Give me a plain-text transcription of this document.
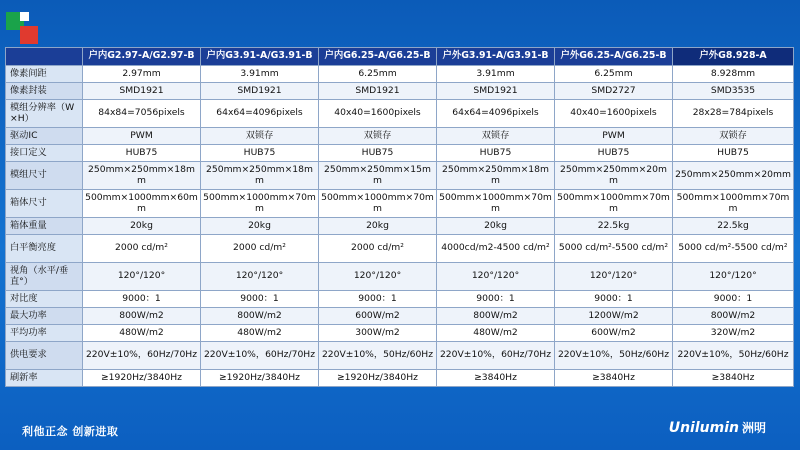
	户内G2.97-A/G2.97-B	户内G3.91-A/G3.91-B	户内G6.25-A/G6.25-B	户外G3.91-A/G3.91-B	户外G6.25-A/G6.25-B	户外G8.928-A
像素间距	2.97mm	3.91mm	6.25mm	3.91mm	6.25mm	8.928mm
像素封装	SMD1921	SMD1921	SMD1921	SMD1921	SMD2727	SMD3535
模组分辨率（W×H）	84x84=7056pixels	64x64=4096pixels	40x40=1600pixels	64x64=4096pixels	40x40=1600pixels	28x28=784pixels
驱动IC	PWM	双锁存	双锁存	双锁存	PWM	双锁存
接口定义	HUB75	HUB75	HUB75	HUB75	HUB75	HUB75
模组尺寸	250mm×250mm×18mm	250mm×250mm×18mm	250mm×250mm×15mm	250mm×250mm×18mm	250mm×250mm×20mm	250mm×250mm×20mm
箱体尺寸	500mm×1000mm×60mm	500mm×1000mm×70mm	500mm×1000mm×70mm	500mm×1000mm×70mm	500mm×1000mm×70mm	500mm×1000mm×70mm
箱体重量	20kg	20kg	20kg	20kg	22.5kg	22.5kg
白平衡亮度	2000 cd/m²	2000 cd/m²	2000 cd/m²	4000cd/m2-4500 cd/m²	5000 cd/m²-5500 cd/m²	5000 cd/m²-5500 cd/m²
视角（水平/垂直°）	120°/120°	120°/120°	120°/120°	120°/120°	120°/120°	120°/120°
对比度	9000：1	9000：1	9000：1	9000：1	9000：1	9000：1
最大功率	800W/m2	800W/m2	600W/m2	800W/m2	1200W/m2	800W/m2
平均功率	480W/m2	480W/m2	300W/m2	480W/m2	600W/m2	320W/m2
供电要求	220V±10%，60Hz/70Hz	220V±10%，60Hz/70Hz	220V±10%，50Hz/60Hz	220V±10%，60Hz/70Hz	220V±10%，50Hz/60Hz	220V±10%，50Hz/60Hz
刷新率	≥1920Hz/3840Hz	≥1920Hz/3840Hz	≥1920Hz/3840Hz	≥3840Hz	≥3840Hz	≥3840Hz
利他正念 创新进取	Unilumin 洲明
